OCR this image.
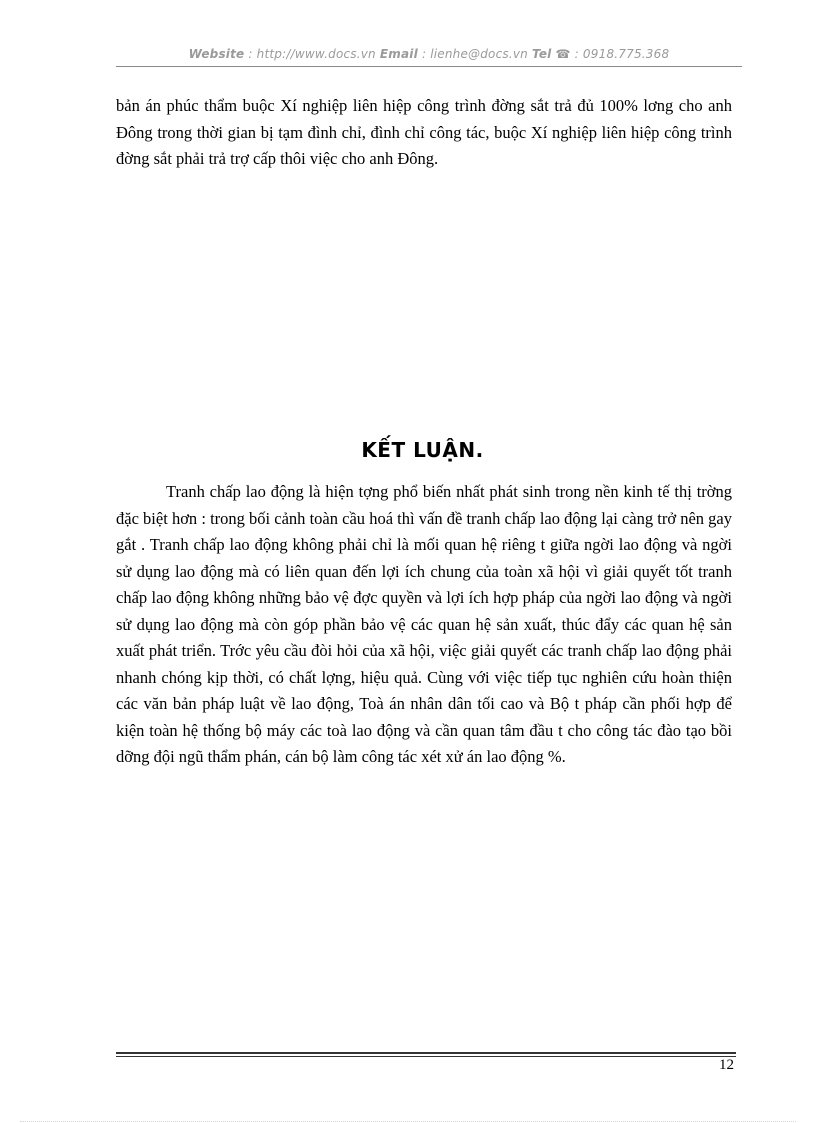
Website : http://www.docs.vn Email : lienhe@docs.vn Tel ☎ : 0918.775.368

bản án phúc thẩm buộc Xí nghiệp liên hiệp công trình đờng sắt trả đủ 100% lơng cho anh Đông trong thời gian bị tạm đình chỉ, đình chỉ công tác, buộc Xí nghiệp liên hiệp công trình đờng sắt phải trả trợ cấp thôi việc cho anh Đông.

KẾT LUẬN.

Tranh chấp lao động là hiện tợng phổ biến nhất phát sinh trong nền kinh tế thị trờng đặc biệt hơn : trong bối cảnh toàn cầu hoá thì vấn đề tranh chấp lao động lại càng trở nên gay gắt . Tranh chấp lao động không phải chỉ là mối quan hệ riêng t giữa ngời lao động và ngời sử dụng lao động mà có liên quan đến lợi ích chung của toàn xã hội vì giải quyết tốt tranh chấp lao động không những bảo vệ đợc quyền và lợi ích hợp pháp của ngời lao động và ngời sử dụng lao động mà còn góp phần bảo vệ các quan hệ sản xuất, thúc đẩy các quan hệ sản xuất phát triển. Trớc yêu cầu đòi hỏi của xã hội, việc giải quyết các tranh chấp lao động phải nhanh chóng kịp thời, có chất lợng, hiệu quả. Cùng với việc tiếp tục nghiên cứu hoàn thiện các văn bản pháp luật về lao động, Toà án nhân dân tối cao và Bộ t pháp cần phối hợp để kiện toàn hệ thống bộ máy các toà lao động và cần quan tâm đầu t cho công tác đào tạo bồi dỡng đội ngũ thẩm phán, cán bộ làm công tác xét xử án lao động %.

12
